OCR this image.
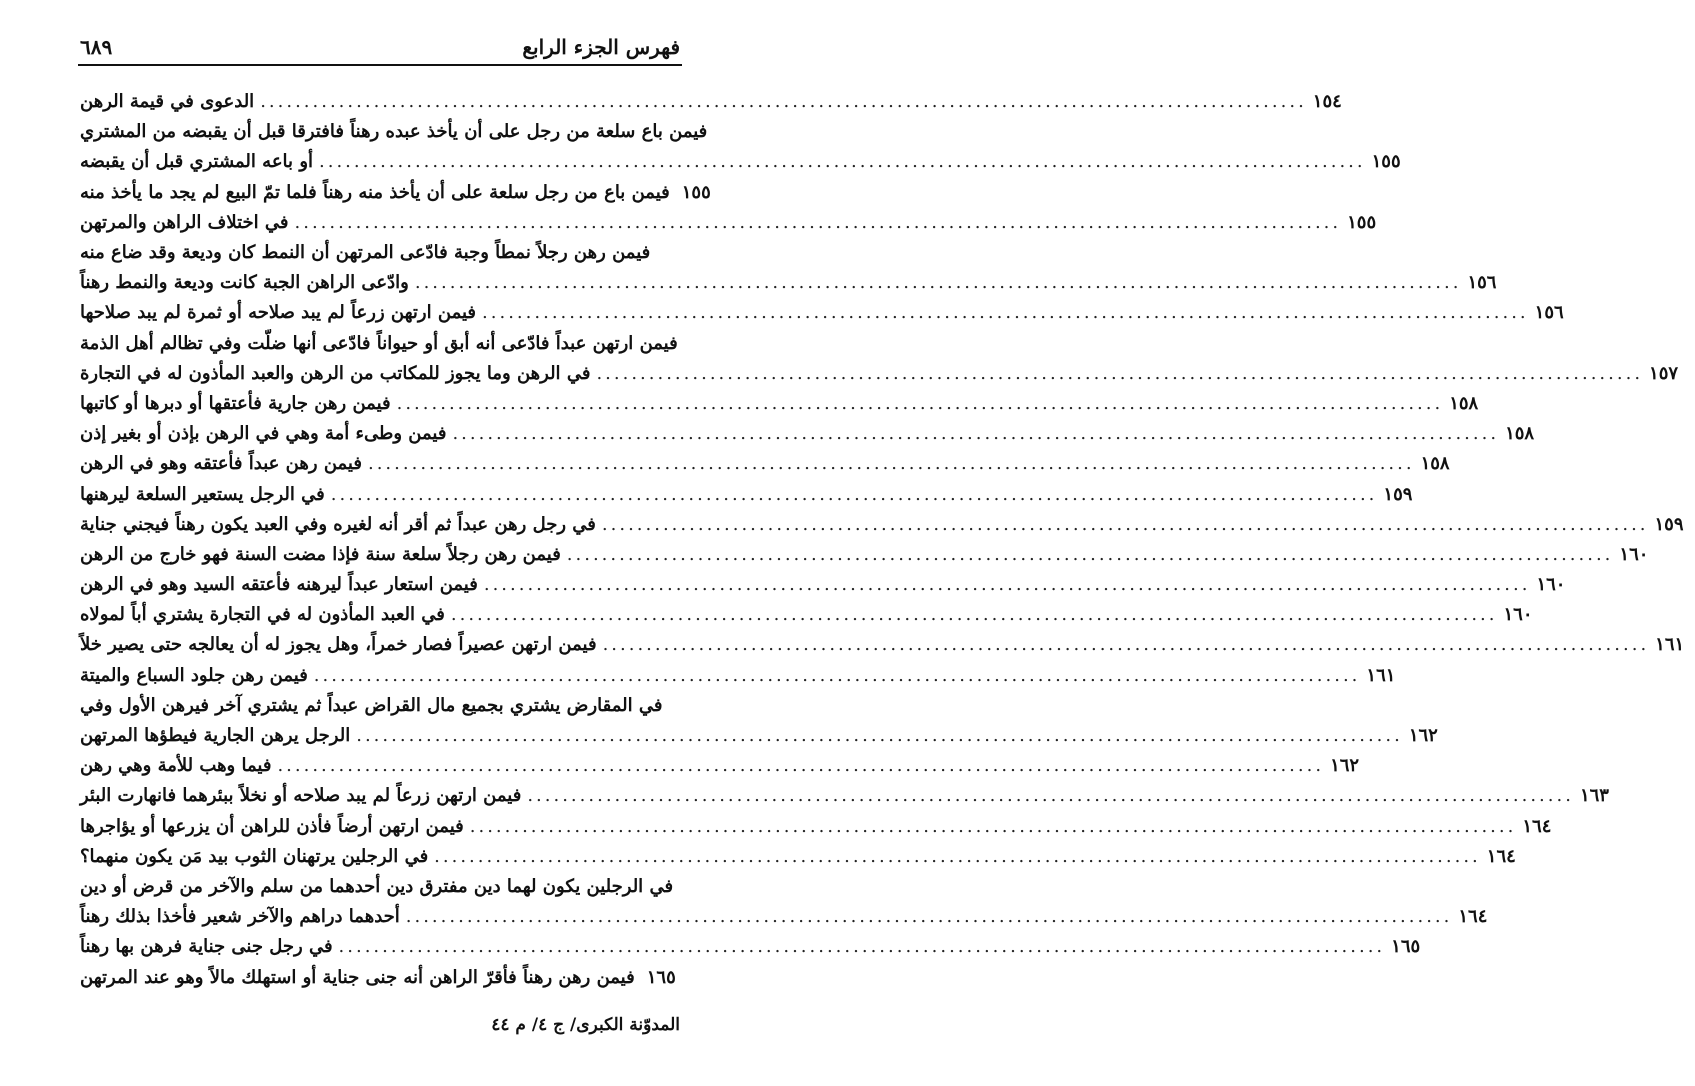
٦٨٩	فهرس الجزء الرابع
الدعوى في قيمة الرهن ........................................................................................................................ ١٥٤
فيمن باع سلعة من رجل على أن يأخذ عبده رهناً فافترقا قبل أن يقبضه من المشتري
أو باعه المشتري قبل أن يقبضه ........................................................................................................................ ١٥٥
فيمن باع من رجل سلعة على أن يأخذ منه رهناً فلما تمّ البيع لم يجد ما يأخذ منه ١٥٥
في اختلاف الراهن والمرتهن ........................................................................................................................ ١٥٥
فيمن رهن رجلاً نمطاً وجبة فادّعى المرتهن أن النمط كان وديعة وقد ضاع منه
وادّعى الراهن الجبة كانت وديعة والنمط رهناً ........................................................................................................................ ١٥٦
فيمن ارتهن زرعاً لم يبد صلاحه أو ثمرة لم يبد صلاحها ........................................................................................................................ ١٥٦
فيمن ارتهن عبداً فادّعى أنه أبق أو حيواناً فادّعى أنها ضلّت وفي تظالم أهل الذمة
في الرهن وما يجوز للمكاتب من الرهن والعبد المأذون له في التجارة ........................................................................................................................ ١٥٧
فيمن رهن جارية فأعتقها أو دبرها أو كاتبها ........................................................................................................................ ١٥٨
فيمن وطىء أمة وهي في الرهن بإذن أو بغير إذن ........................................................................................................................ ١٥٨
فيمن رهن عبداً فأعتقه وهو في الرهن ........................................................................................................................ ١٥٨
في الرجل يستعير السلعة ليرهنها ........................................................................................................................ ١٥٩
في رجل رهن عبداً ثم أقر أنه لغيره وفي العبد يكون رهناً فيجني جناية ........................................................................................................................ ١٥٩
فيمن رهن رجلاً سلعة سنة فإذا مضت السنة فهو خارج من الرهن ........................................................................................................................ ١٦٠
فيمن استعار عبداً ليرهنه فأعتقه السيد وهو في الرهن ........................................................................................................................ ١٦٠
في العبد المأذون له في التجارة يشتري أباً لمولاه ........................................................................................................................ ١٦٠
فيمن ارتهن عصيراً فصار خمراً، وهل يجوز له أن يعالجه حتى يصير خلاً ........................................................................................................................ ١٦١
فيمن رهن جلود السباع والميتة ........................................................................................................................ ١٦١
في المقارض يشتري بجميع مال القراض عبداً ثم يشتري آخر فيرهن الأول وفي
الرجل يرهن الجارية فيطؤها المرتهن ........................................................................................................................ ١٦٢
فيما وهب للأمة وهي رهن ........................................................................................................................ ١٦٢
فيمن ارتهن زرعاً لم يبد صلاحه أو نخلاً ببئرهما فانهارت البئر ........................................................................................................................ ١٦٣
فيمن ارتهن أرضاً فأذن للراهن أن يزرعها أو يؤاجرها ........................................................................................................................ ١٦٤
في الرجلين يرتهنان الثوب بيد مَن يكون منهما؟ ........................................................................................................................ ١٦٤
في الرجلين يكون لهما دين مفترق دين أحدهما من سلم والآخر من قرض أو دين
أحدهما دراهم والآخر شعير فأخذا بذلك رهناً ........................................................................................................................ ١٦٤
في رجل جنى جناية فرهن بها رهناً ........................................................................................................................ ١٦٥
فيمن رهن رهناً فأقرّ الراهن أنه جنى جناية أو استهلك مالاً وهو عند المرتهن ١٦٥
المدوّنة الكبرى/ ج ٤/ م ٤٤
